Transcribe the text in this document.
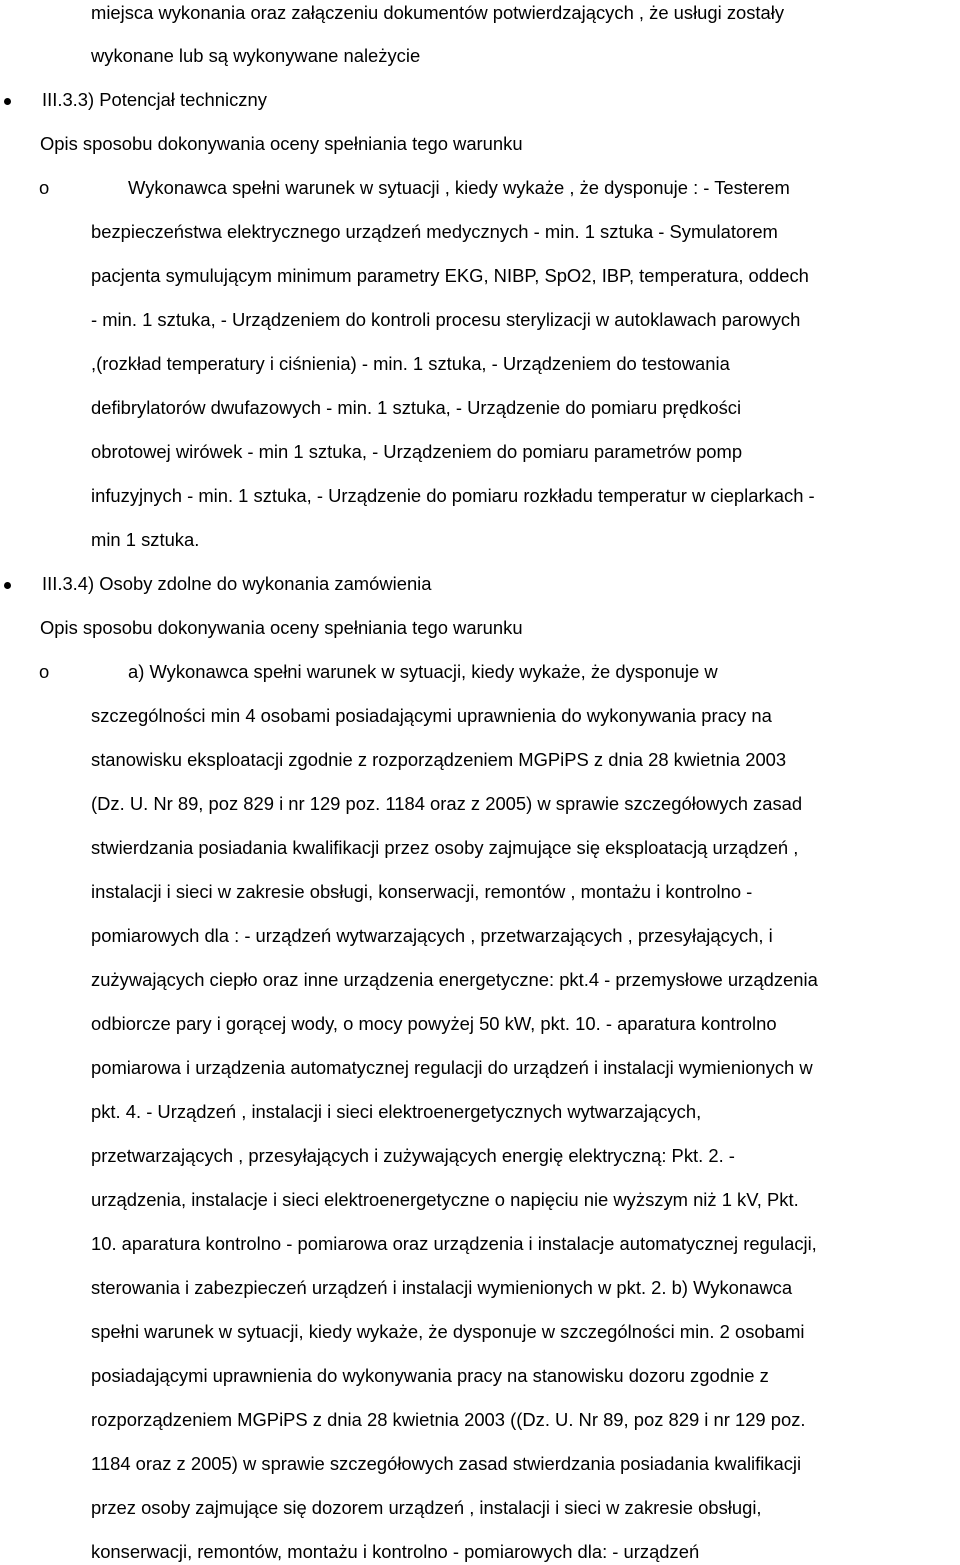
miejsca wykonania oraz załączeniu dokumentów potwierdzających , że usługi zostały
wykonane lub są wykonywane należycie
III.3.3) Potencjał techniczny
Opis sposobu dokonywania oceny spełniania tego warunku
o	Wykonawca spełni warunek w sytuacji , kiedy wykaże , że dysponuje : - Testerem
bezpieczeństwa elektrycznego urządzeń medycznych - min. 1 sztuka - Symulatorem
pacjenta symulującym minimum parametry EKG, NIBP, SpO2, IBP, temperatura, oddech
- min. 1 sztuka, - Urządzeniem do kontroli procesu sterylizacji w autoklawach parowych
,(rozkład temperatury i ciśnienia) - min. 1 sztuka, - Urządzeniem do testowania
defibrylatorów dwufazowych - min. 1 sztuka, - Urządzenie do pomiaru prędkości
obrotowej wirówek - min 1 sztuka, - Urządzeniem do pomiaru parametrów pomp
infuzyjnych - min. 1 sztuka, - Urządzenie do pomiaru rozkładu temperatur w cieplarkach -
min 1 sztuka.
III.3.4) Osoby zdolne do wykonania zamówienia
Opis sposobu dokonywania oceny spełniania tego warunku
o	a) Wykonawca spełni warunek w sytuacji, kiedy wykaże, że dysponuje w
szczególności min 4 osobami posiadającymi uprawnienia do wykonywania pracy na
stanowisku eksploatacji zgodnie z rozporządzeniem MGPiPS z dnia 28 kwietnia 2003
(Dz. U. Nr 89, poz 829 i nr 129 poz. 1184 oraz z 2005) w sprawie szczegółowych zasad
stwierdzania posiadania kwalifikacji przez osoby zajmujące się eksploatacją urządzeń ,
instalacji i sieci w zakresie obsługi, konserwacji, remontów , montażu i kontrolno -
pomiarowych dla : - urządzeń wytwarzających , przetwarzających , przesyłających, i
zużywających ciepło oraz inne urządzenia energetyczne: pkt.4 - przemysłowe urządzenia
odbiorcze pary i gorącej wody, o mocy powyżej 50 kW, pkt. 10. - aparatura kontrolno
pomiarowa i urządzenia automatycznej regulacji do urządzeń i instalacji wymienionych w
pkt. 4. - Urządzeń , instalacji i sieci elektroenergetycznych wytwarzających,
przetwarzających , przesyłających i zużywających energię elektryczną: Pkt. 2. -
urządzenia, instalacje i sieci elektroenergetyczne o napięciu nie wyższym niż 1 kV, Pkt.
10. aparatura kontrolno - pomiarowa oraz urządzenia i instalacje automatycznej regulacji,
sterowania i zabezpieczeń urządzeń i instalacji wymienionych w pkt. 2. b) Wykonawca
spełni warunek w sytuacji, kiedy wykaże, że dysponuje w szczególności min. 2 osobami
posiadającymi uprawnienia do wykonywania pracy na stanowisku dozoru zgodnie z
rozporządzeniem MGPiPS z dnia 28 kwietnia 2003 ((Dz. U. Nr 89, poz 829 i nr 129 poz.
1184 oraz z 2005) w sprawie szczegółowych zasad stwierdzania posiadania kwalifikacji
przez osoby zajmujące się dozorem urządzeń , instalacji i sieci w zakresie obsługi,
konserwacji, remontów, montażu i kontrolno - pomiarowych dla: - urządzeń
